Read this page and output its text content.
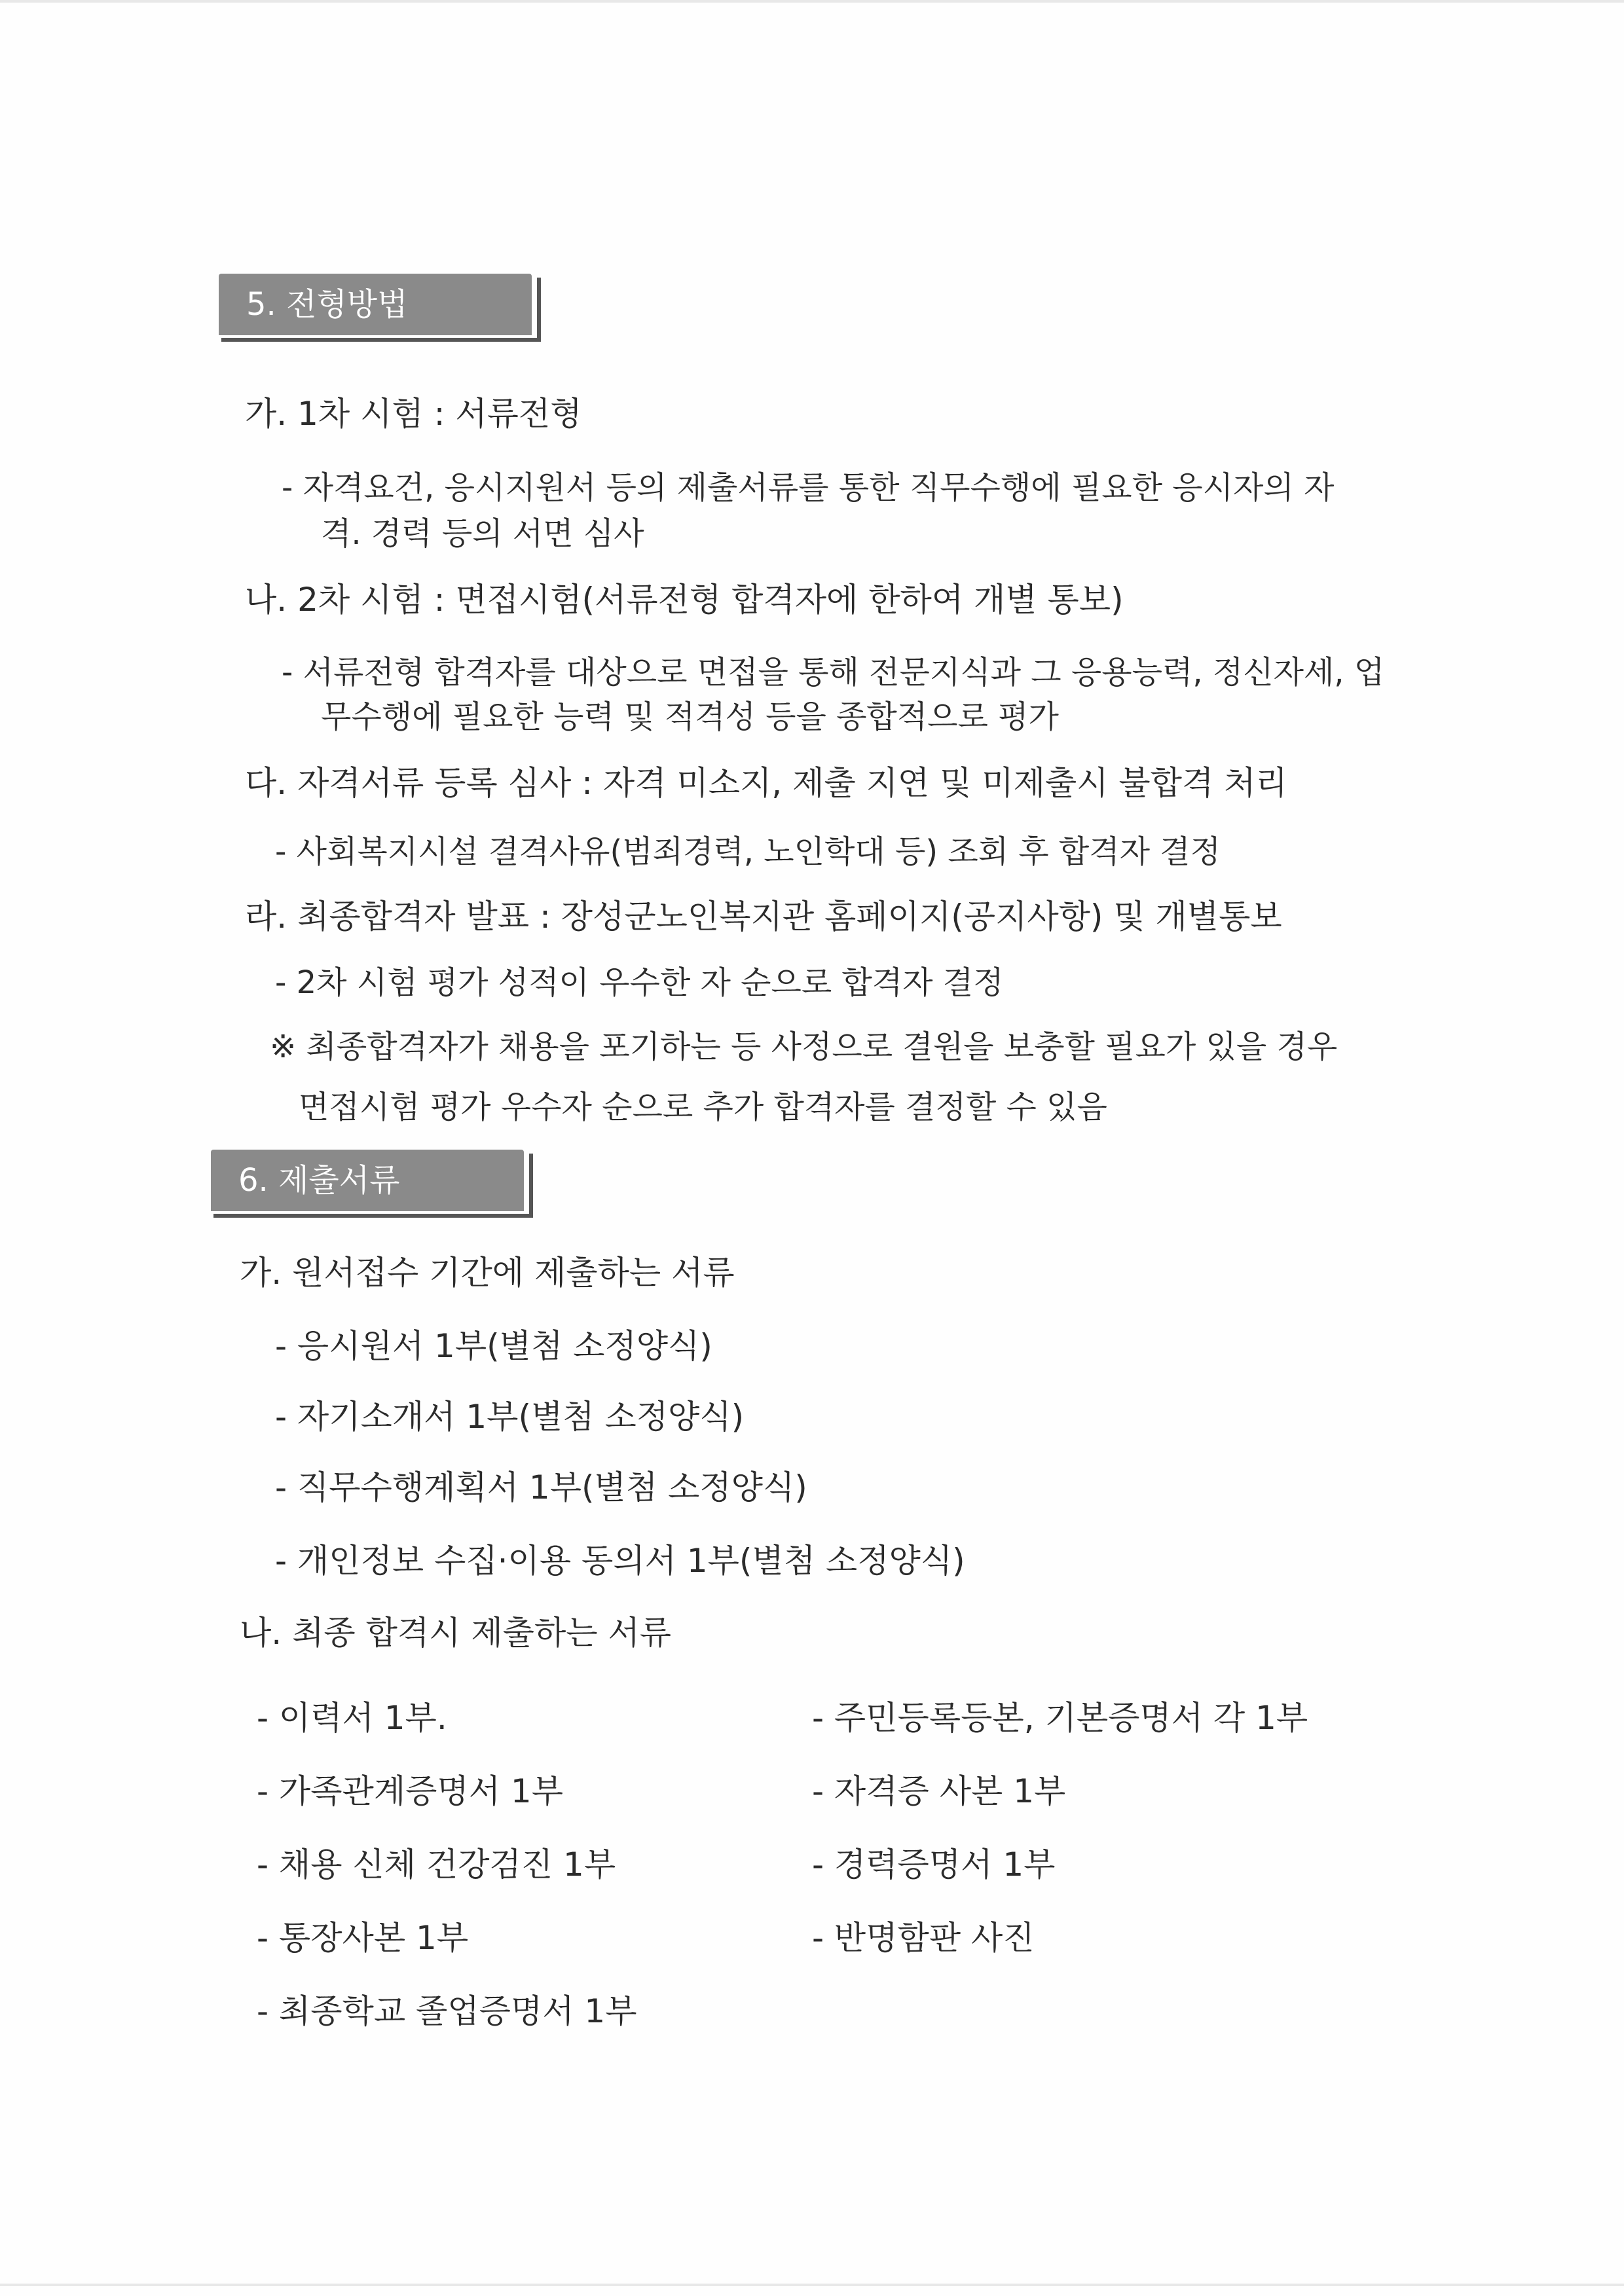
5. 전형방법
가. 1차 시험 : 서류전형
- 자격요건, 응시지원서 등의 제출서류를 통한 직무수행에 필요한 응시자의 자
격. 경력 등의 서면 심사
나. 2차 시험 : 면접시험(서류전형 합격자에 한하여 개별 통보)
- 서류전형 합격자를 대상으로 면접을 통해 전문지식과 그 응용능력, 정신자세, 업
무수행에 필요한 능력 및 적격성 등을 종합적으로 평가
다. 자격서류 등록 심사 : 자격 미소지, 제출 지연 및 미제출시 불합격 처리
- 사회복지시설 결격사유(범죄경력, 노인학대 등) 조회 후 합격자 결정
라. 최종합격자 발표 : 장성군노인복지관 홈페이지(공지사항) 및 개별통보
- 2차 시험 평가 성적이 우수한 자 순으로 합격자 결정
※ 최종합격자가 채용을 포기하는 등 사정으로 결원을 보충할 필요가 있을 경우
면접시험 평가 우수자 순으로 추가 합격자를 결정할 수 있음
6. 제출서류
가. 원서접수 기간에 제출하는 서류
- 응시원서 1부(별첨 소정양식)
- 자기소개서 1부(별첨 소정양식)
- 직무수행계획서 1부(별첨 소정양식)
- 개인정보 수집·이용 동의서 1부(별첨 소정양식)
나. 최종 합격시 제출하는 서류
- 이력서 1부.
- 가족관계증명서 1부
- 채용 신체 건강검진 1부
- 통장사본 1부
- 최종학교 졸업증명서 1부
- 주민등록등본, 기본증명서 각 1부
- 자격증 사본 1부
- 경력증명서 1부
- 반명함판 사진
